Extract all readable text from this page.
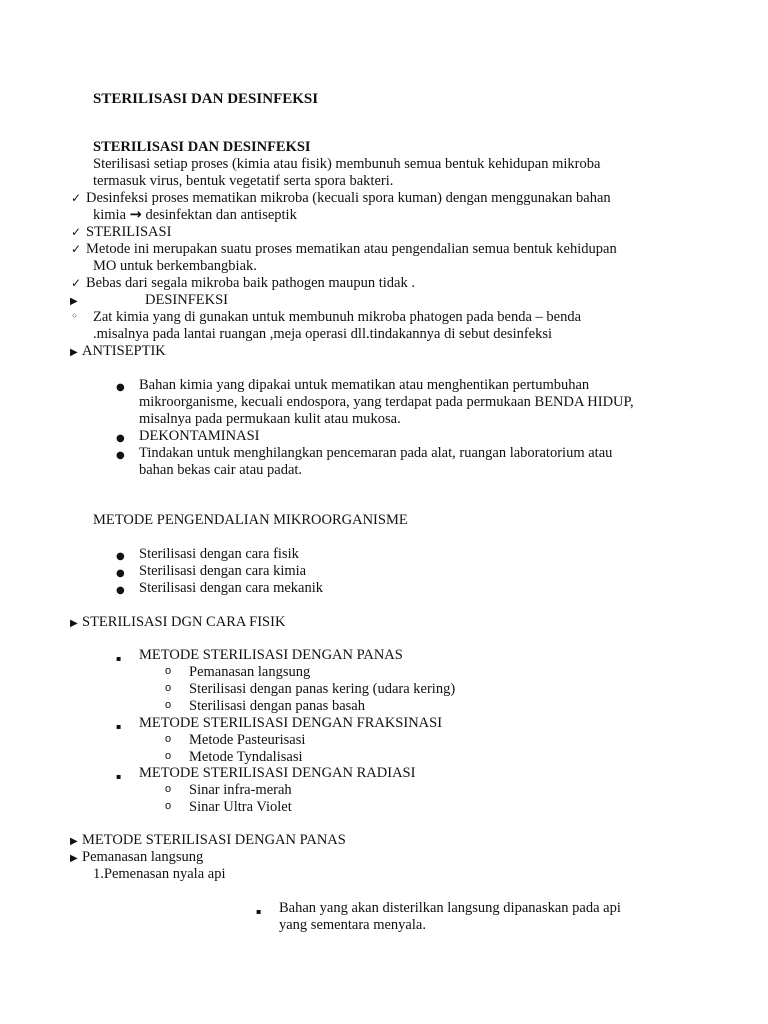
STERILISASI DAN DESINFEKSI
STERILISASI DAN DESINFEKSI
Sterilisasi setiap proses (kimia atau fisik) membunuh semua bentuk kehidupan mikroba
termasuk virus, bentuk vegetatif serta spora bakteri.
✓ Desinfeksi proses mematikan mikroba (kecuali spora kuman) dengan menggunakan bahan
kimia → desinfektan dan antiseptik
✓ STERILISASI
✓ Metode ini merupakan suatu proses mematikan atau pengendalian semua bentuk kehidupan
MO untuk berkembangbiak.
✓ Bebas dari segala mikroba baik pathogen maupun tidak .
▶	DESINFEKSI
◦ Zat kimia yang di gunakan untuk membunuh mikroba phatogen pada benda – benda
.misalnya pada lantai ruangan ,meja operasi dll.tindakannya di sebut desinfeksi
▶ ANTISEPTIK
● Bahan kimia yang dipakai untuk mematikan atau menghentikan pertumbuhan
mikroorganisme, kecuali endospora, yang terdapat pada permukaan BENDA HIDUP,
misalnya pada permukaan kulit atau mukosa.
● DEKONTAMINASI
● Tindakan untuk menghilangkan pencemaran pada alat, ruangan laboratorium atau
bahan bekas cair atau padat.
METODE PENGENDALIAN MIKROORGANISME
● Sterilisasi dengan cara fisik
● Sterilisasi dengan cara kimia
● Sterilisasi dengan cara mekanik
▶ STERILISASI DGN CARA FISIK
▪ METODE STERILISASI DENGAN PANAS
o Pemanasan langsung
o Sterilisasi dengan panas kering (udara kering)
o Sterilisasi dengan panas basah
▪ METODE STERILISASI DENGAN FRAKSINASI
o Metode Pasteurisasi
o Metode Tyndalisasi
▪ METODE STERILISASI DENGAN RADIASI
o Sinar infra-merah
o Sinar Ultra Violet
▶ METODE STERILISASI DENGAN PANAS
▶ Pemanasan langsung
1.Pemenasan nyala api
▪ Bahan yang akan disterilkan langsung dipanaskan pada api
yang sementara menyala.
